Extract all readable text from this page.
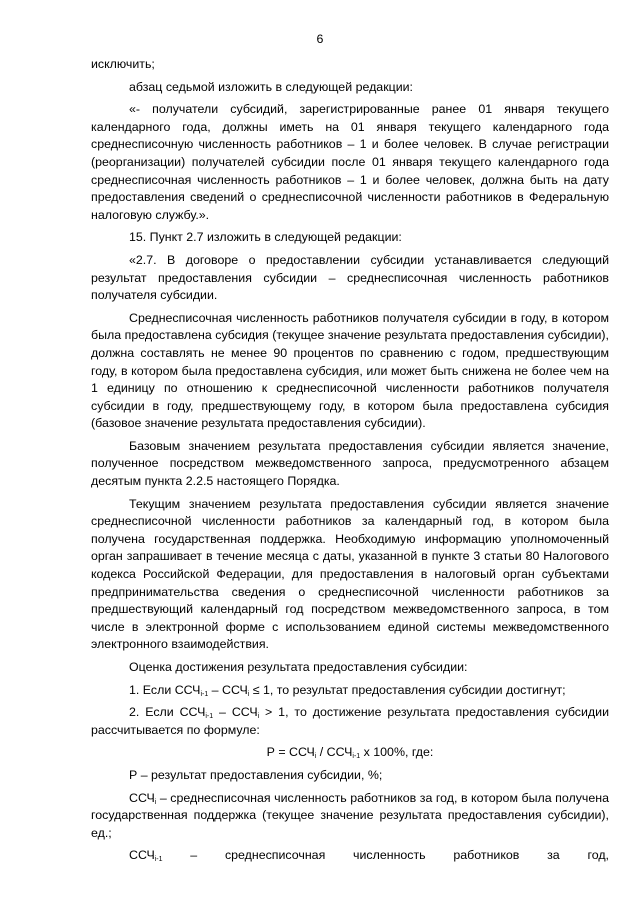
6

исключить;

абзац седьмой изложить в следующей редакции:

«- получатели субсидий, зарегистрированные ранее 01 января текущего календарного года, должны иметь на 01 января текущего календарного года среднесписочную численность работников – 1 и более человек. В случае регистрации (реорганизации) получателей субсидии после 01 января текущего календарного года среднесписочная численность работников – 1 и более человек, должна быть на дату предоставления сведений о среднесписочной численности работников в Федеральную налоговую службу.».

15. Пункт 2.7 изложить в следующей редакции:

«2.7. В договоре о предоставлении субсидии устанавливается следующий результат предоставления субсидии – среднесписочная численность работников получателя субсидии.

Среднесписочная численность работников получателя субсидии в году, в котором была предоставлена субсидия (текущее значение результата предоставления субсидии), должна составлять не менее 90 процентов по сравнению с годом, предшествующим году, в котором была предоставлена субсидия, или может быть снижена не более чем на 1 единицу по отношению к среднесписочной численности работников получателя субсидии в году, предшествующему году, в котором была предоставлена субсидия (базовое значение результата предоставления субсидии).

Базовым значением результата предоставления субсидии является значение, полученное посредством межведомственного запроса, предусмотренного абзацем десятым пункта 2.2.5 настоящего Порядка.

Текущим значением результата предоставления субсидии является значение среднесписочной численности работников за календарный год, в котором была получена государственная поддержка. Необходимую информацию уполномоченный орган запрашивает в течение месяца с даты, указанной в пункте 3 статьи 80 Налогового кодекса Российской Федерации, для предоставления в налоговый орган субъектами предпринимательства сведения о среднесписочной численности работников за предшествующий календарный год посредством межведомственного запроса, в том числе в электронной форме с использованием единой системы межведомственного электронного взаимодействия.

Оценка достижения результата предоставления субсидии:

1. Если $ССЧ_{i-1} - ССЧ_i \le 1$, то результат предоставления субсидии достигнут;

2. Если $ССЧ_{i-1} - ССЧ_i > 1$, то достижение результата предоставления субсидии рассчитывается по формуле:

$Р = ССЧ_i / ССЧ_{i-1}$ x 100%, где:

Р – результат предоставления субсидии, %;

$ССЧ_i$ – среднесписочная численность работников за год, в котором была получена государственная поддержка (текущее значение результата предоставления субсидии), ед.;

$ССЧ_{i-1}$ – среднесписочная численность работников за год,
